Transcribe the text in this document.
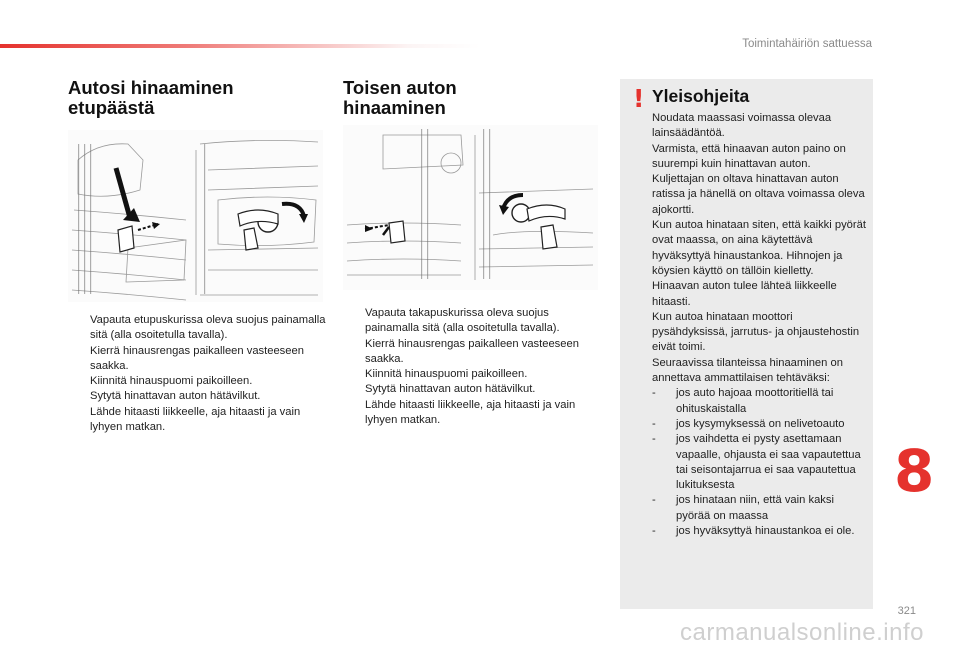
Toimintahäiriön sattuessa
Autosi hinaaminen
etupäästä
Vapauta etupuskurissa oleva suojus painamalla sitä (alla osoitetulla tavalla).
Kierrä hinausrengas paikalleen vasteeseen saakka.
Kiinnitä hinauspuomi paikoilleen.
Sytytä hinattavan auton hätävilkut.
Lähde hitaasti liikkeelle, aja hitaasti ja vain lyhyen matkan.
Toisen auton
hinaaminen
Vapauta takapuskurissa oleva suojus painamalla sitä (alla osoitetulla tavalla).
Kierrä hinausrengas paikalleen vasteeseen saakka.
Kiinnitä hinauspuomi paikoilleen.
Sytytä hinattavan auton hätävilkut.
Lähde hitaasti liikkeelle, aja hitaasti ja vain lyhyen matkan.
! Yleisohjeita

Noudata maassasi voimassa olevaa lainsäädäntöä.

Varmista, että hinaavan auton paino on suurempi kuin hinattavan auton.

Kuljettajan on oltava hinattavan auton ratissa ja hänellä on oltava voimassa oleva ajokortti.

Kun autoa hinataan siten, että kaikki pyörät ovat maassa, on aina käytettävä hyväksyttyä hinaustankoa. Hihnojen ja köysien käyttö on tällöin kielletty.

Hinaavan auton tulee lähteä liikkeelle hitaasti.

Kun autoa hinataan moottori pysähdyksissä, jarrutus- ja ohjaustehostin eivät toimi.

Seuraavissa tilanteissa hinaaminen on annettava ammattilaisen tehtäväksi:

- jos auto hajoaa moottoritiellä tai ohituskaistalla
- jos kysymyksessä on nelivetoauto
- jos vaihdetta ei pysty asettamaan vapaalle, ohjausta ei saa vapautettua tai seisontajarrua ei saa vapautettua lukituksesta
- jos hinataan niin, että vain kaksi pyörää on maassa
- jos hyväksyttyä hinaustankoa ei ole.
8
321
carmanualsonline.info
